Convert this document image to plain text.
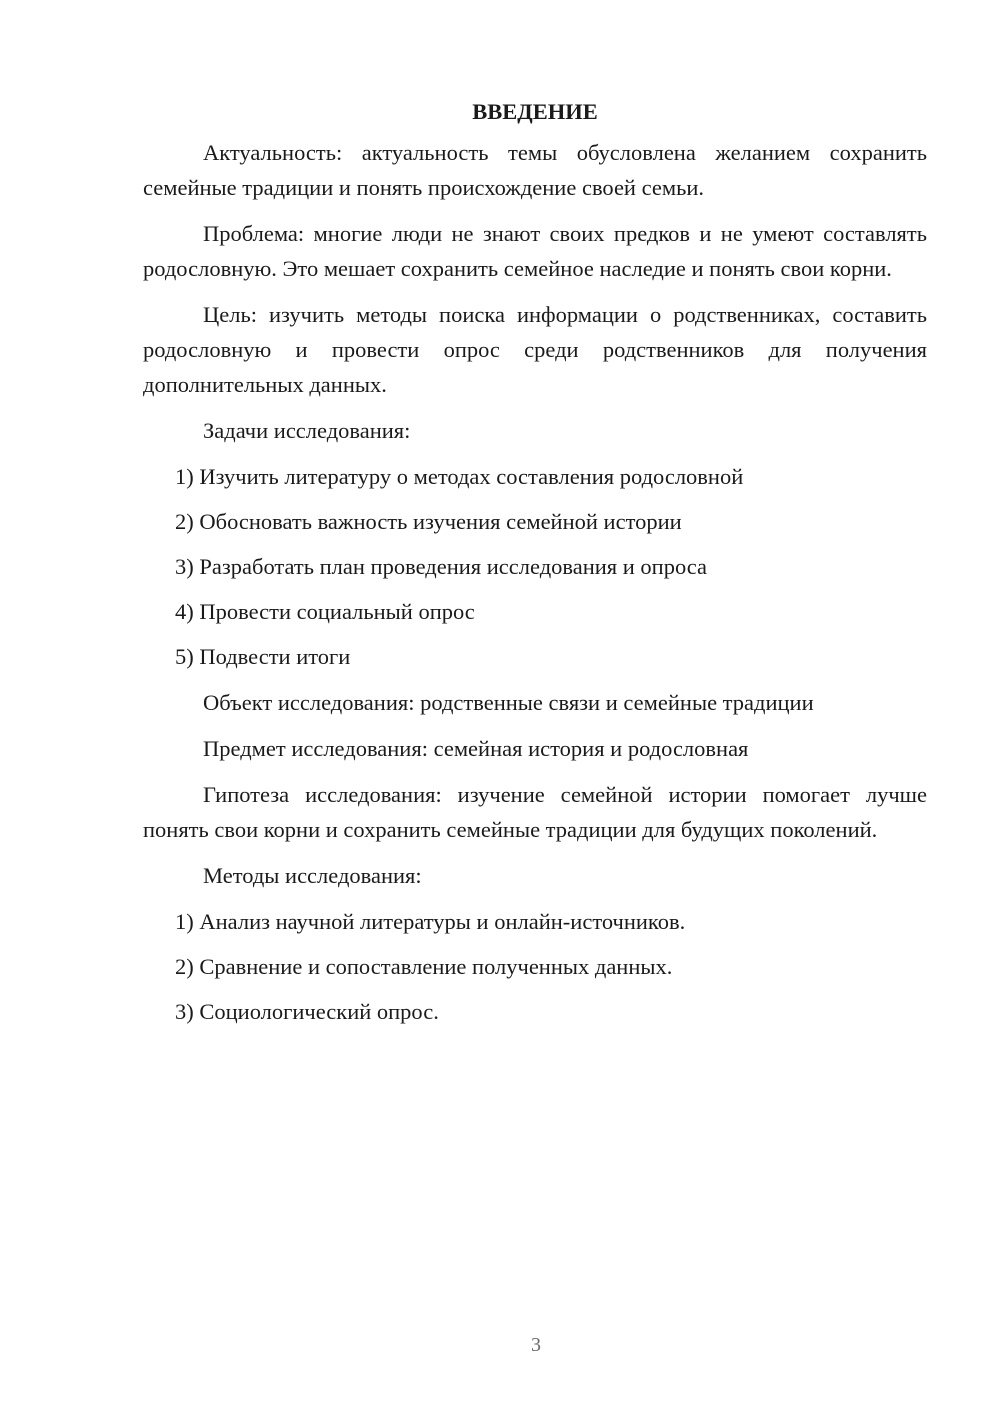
ВВЕДЕНИЕ
Актуальность: актуальность темы обусловлена желанием сохранить семейные традиции и понять происхождение своей семьи.
Проблема: многие люди не знают своих предков и не умеют составлять родословную. Это мешает сохранить семейное наследие и понять свои корни.
Цель: изучить методы поиска информации о родственниках, составить родословную и провести опрос среди родственников для получения дополнительных данных.
Задачи исследования:
1) Изучить литературу о методах составления родословной
2) Обосновать важность изучения семейной истории
3) Разработать план проведения исследования и опроса
4) Провести социальный опрос
5) Подвести итоги
Объект исследования: родственные связи и семейные традиции
Предмет исследования: семейная история и родословная
Гипотеза исследования: изучение семейной истории помогает лучше понять свои корни и сохранить семейные традиции для будущих поколений.
Методы исследования:
1) Анализ научной литературы и онлайн-источников.
2) Сравнение и сопоставление полученных данных.
3) Социологический опрос.
3
